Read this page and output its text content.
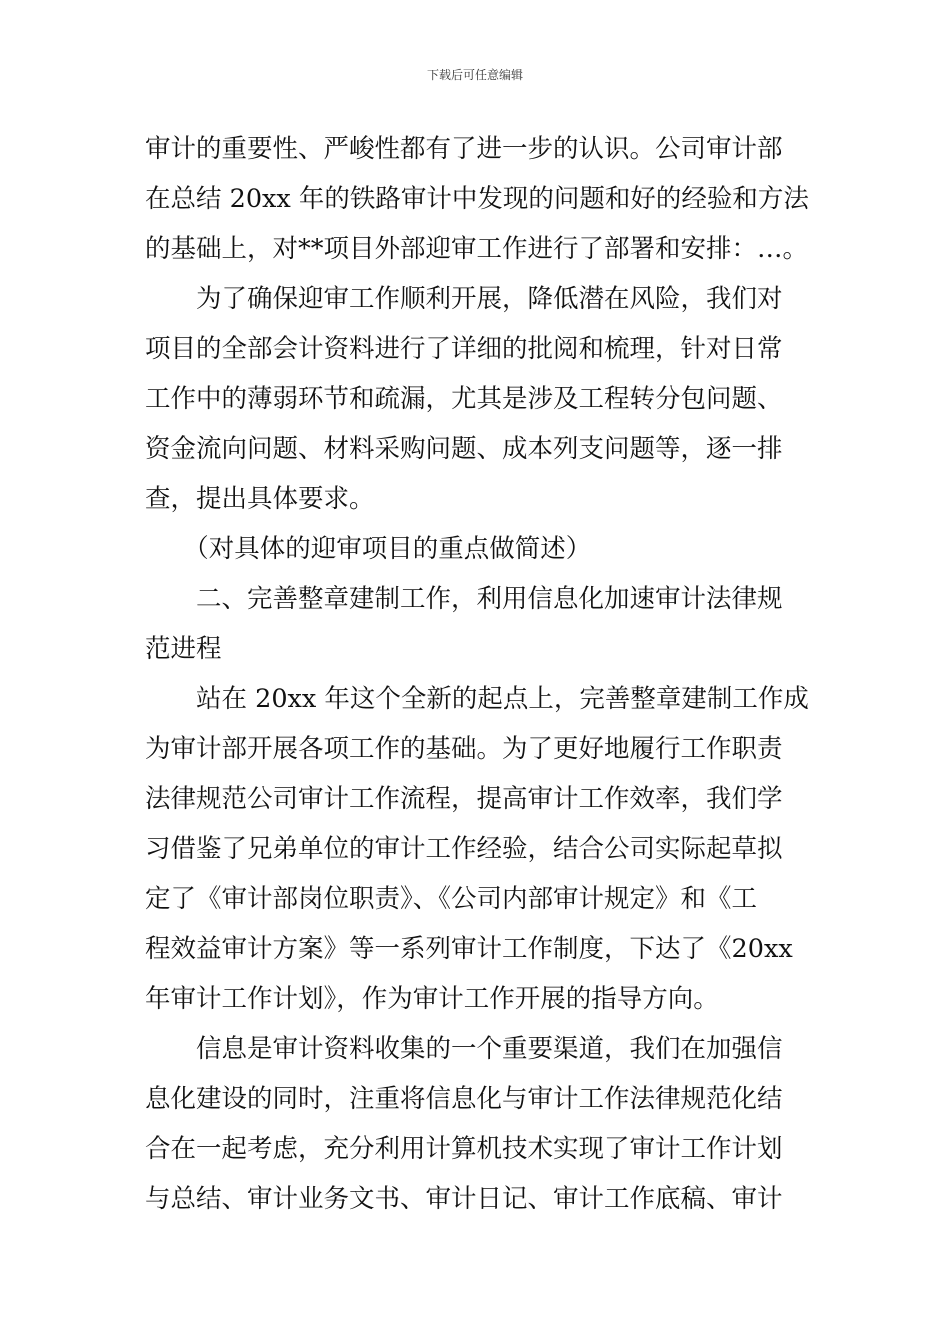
下载后可任意编辑
审计的重要性、严峻性都有了进一步的认识。公司审计部
在总结 20xx 年的铁路审计中发现的问题和好的经验和方法
的基础上，对**项目外部迎审工作进行了部署和安排：…。
　　为了确保迎审工作顺利开展，降低潜在风险，我们对
项目的全部会计资料进行了详细的批阅和梳理，针对日常
工作中的薄弱环节和疏漏，尤其是涉及工程转分包问题、
资金流向问题、材料采购问题、成本列支问题等，逐一排
查，提出具体要求。
　　（对具体的迎审项目的重点做简述）
　　二、完善整章建制工作，利用信息化加速审计法律规
范进程
　　站在 20xx 年这个全新的起点上，完善整章建制工作成
为审计部开展各项工作的基础。为了更好地履行工作职责
法律规范公司审计工作流程，提高审计工作效率，我们学
习借鉴了兄弟单位的审计工作经验，结合公司实际起草拟
定了《审计部岗位职责》、《公司内部审计规定》和《工
程效益审计方案》等一系列审计工作制度，下达了《20xx
年审计工作计划》，作为审计工作开展的指导方向。
　　信息是审计资料收集的一个重要渠道，我们在加强信
息化建设的同时，注重将信息化与审计工作法律规范化结
合在一起考虑，充分利用计算机技术实现了审计工作计划
与总结、审计业务文书、审计日记、审计工作底稿、审计
